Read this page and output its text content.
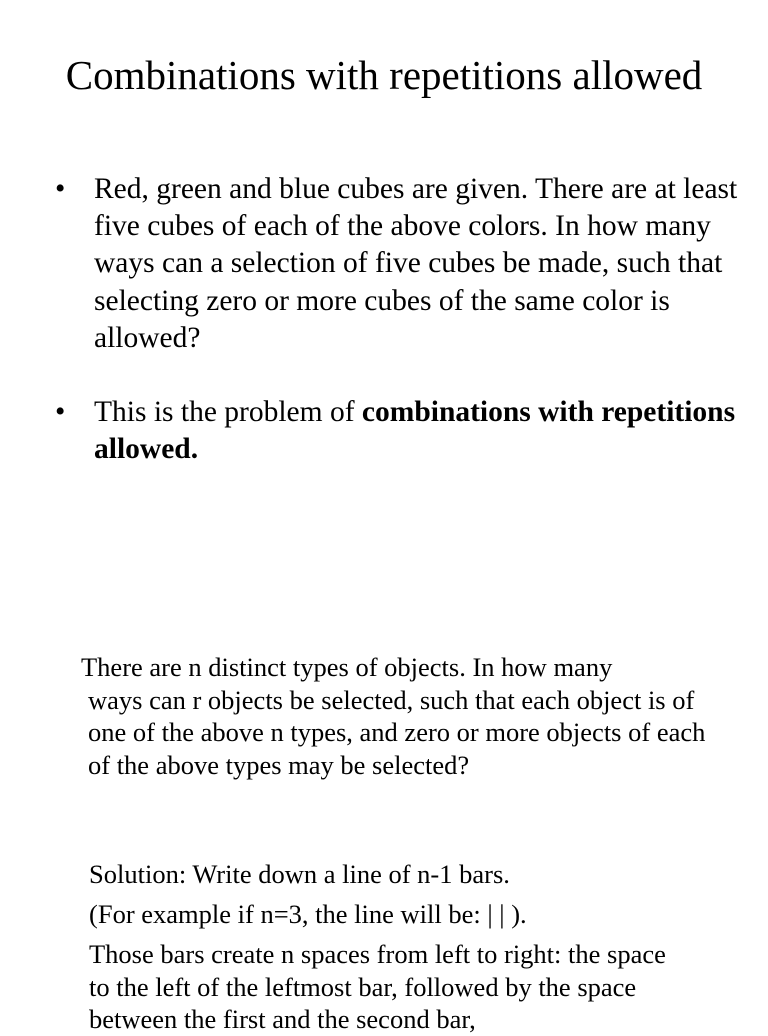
Combinations with repetitions allowed
• Red, green and blue cubes are given. There are at least five cubes of each of the above colors. In how many ways can a selection of five cubes be made, such that selecting zero or more cubes of the same color is allowed?
• This is the problem of combinations with repetitions allowed.

There are n distinct types of objects. In how many

ways can r objects be selected, such that each object is of one of the above n types, and zero or more objects of each of the above types may be selected?

Solution: Write down a line of n-1 bars.

(For example if n=3, the line will be: | | ).

Those bars create n spaces from left to right: the space to the left of the leftmost bar, followed by the space between the first and the second bar,
